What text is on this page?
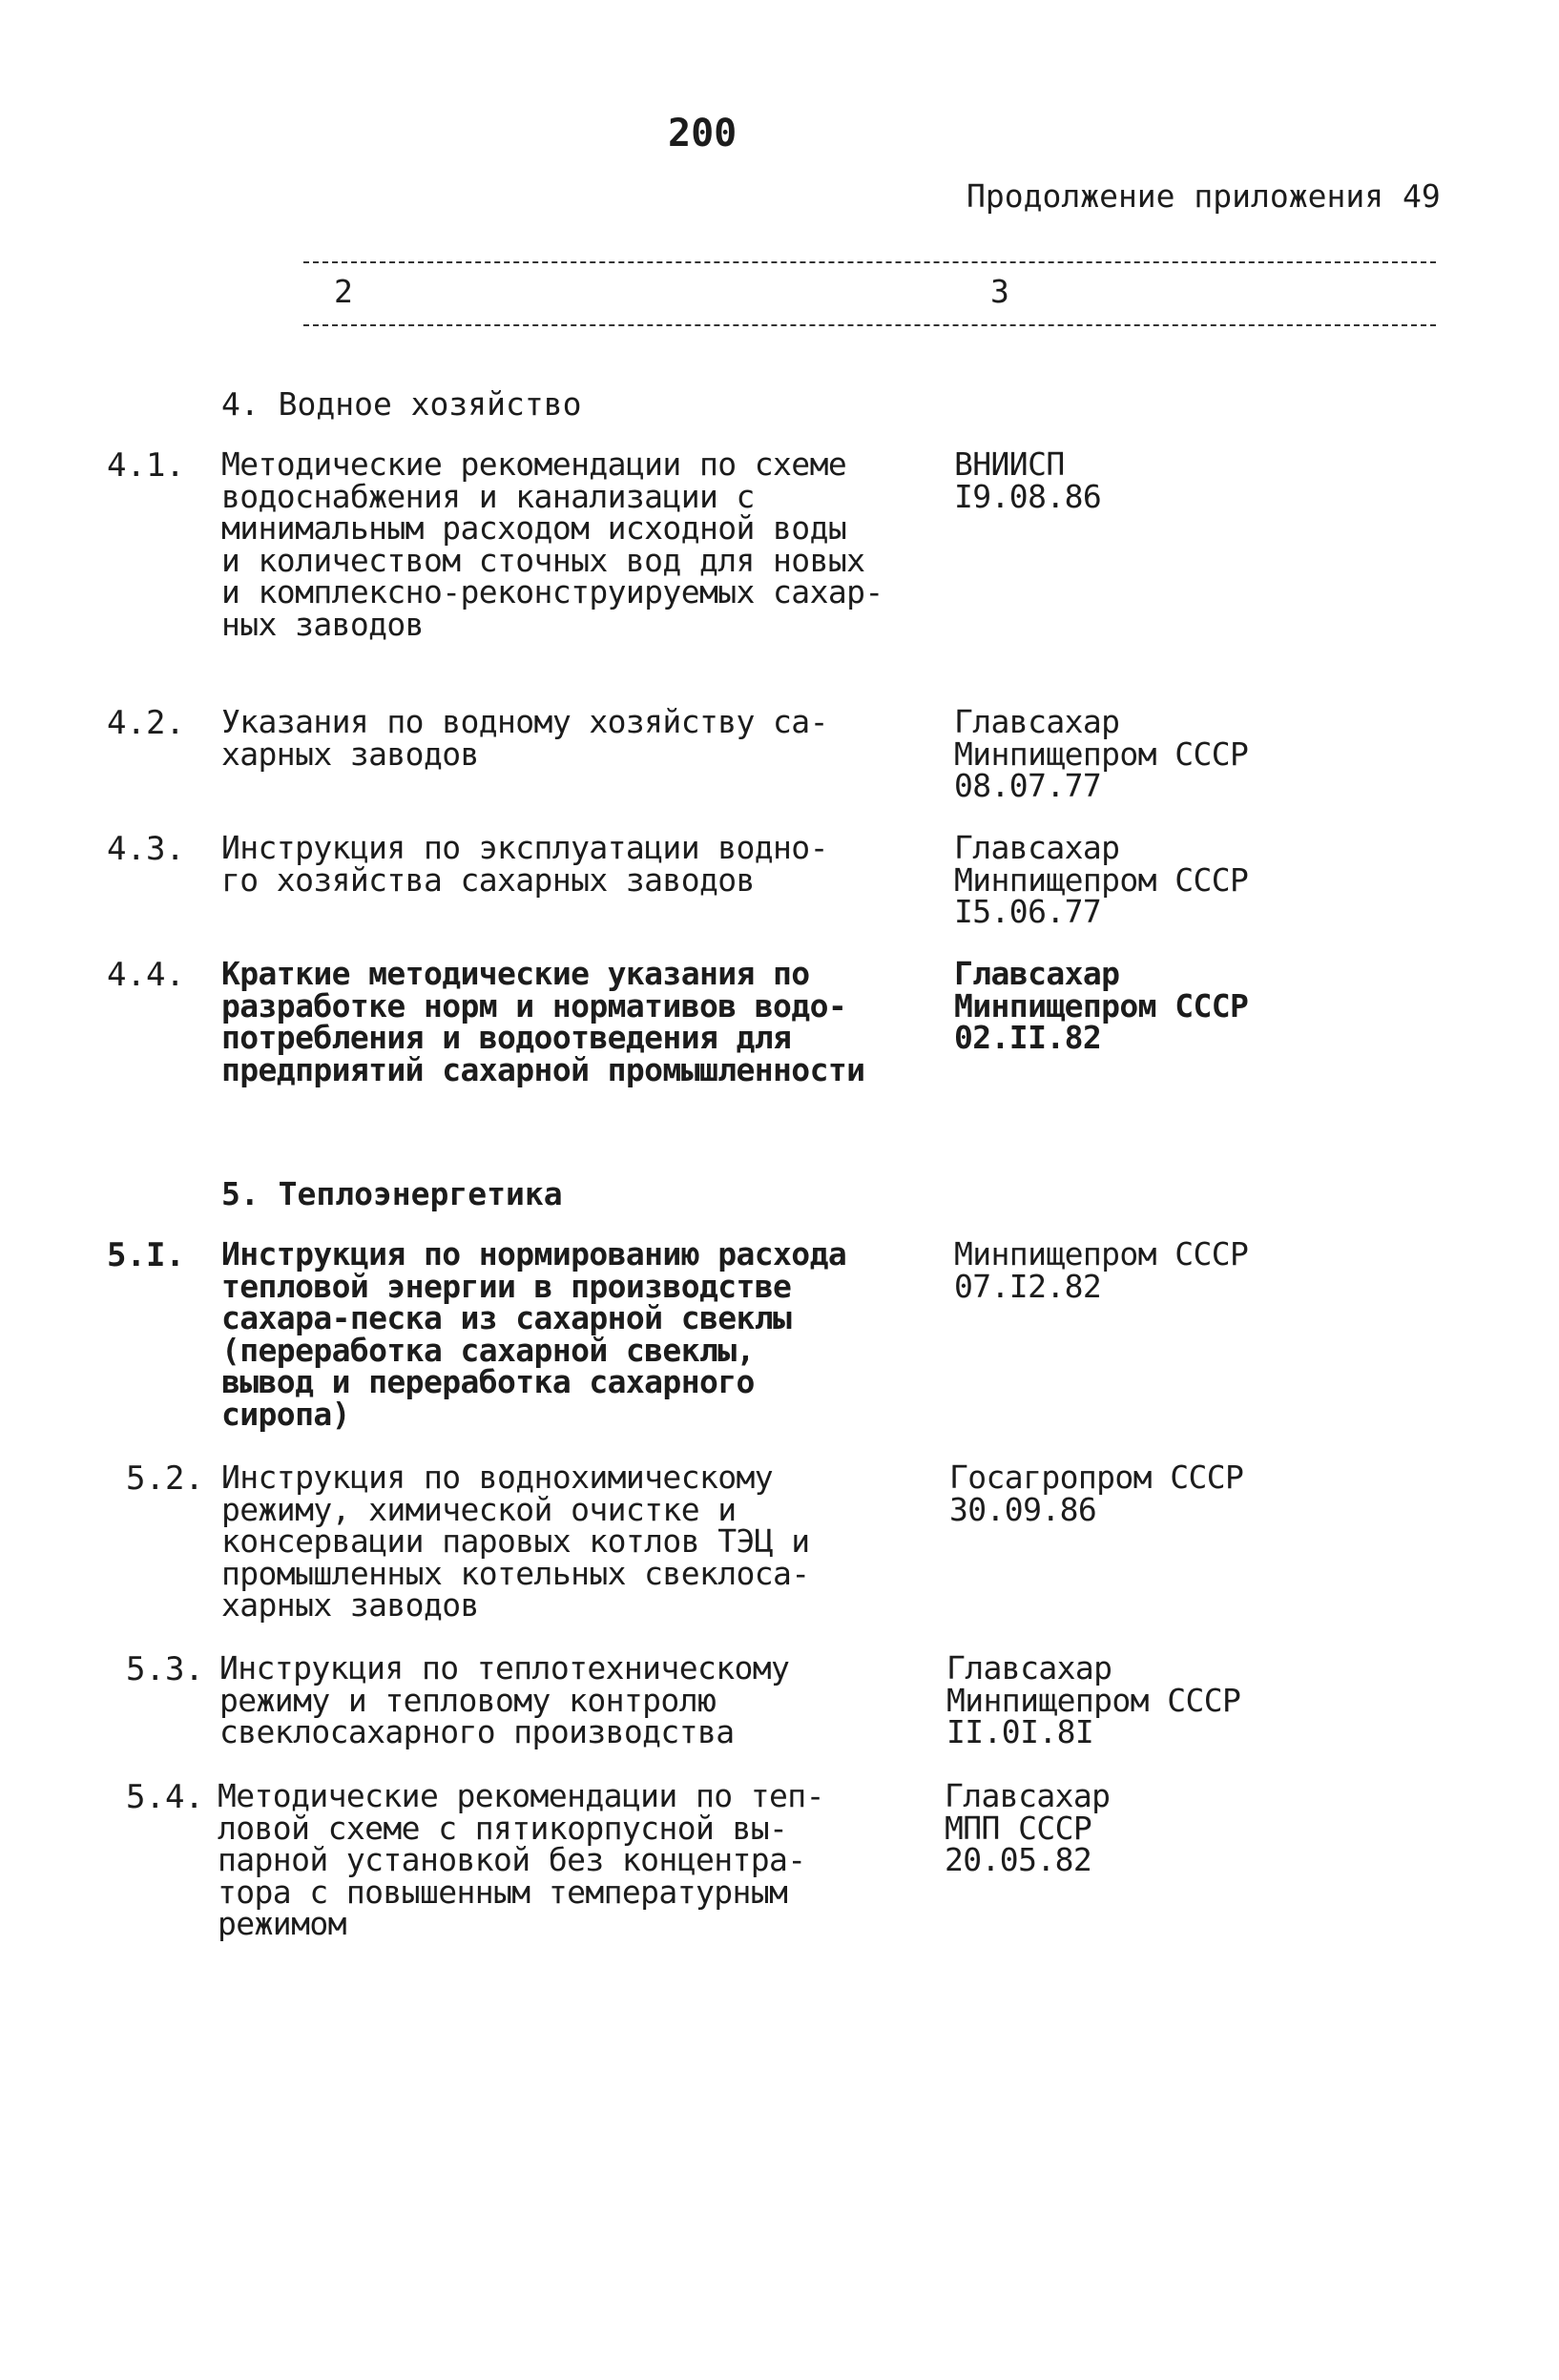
200
Продолжение приложения 49
2	3
4. Водное хозяйство
4.1. Методические рекомендации по схеме
водоснабжения и канализации с
минимальным расходом исходной воды
и количеством сточных вод для новых
и комплексно-реконструируемых сахар-
ных заводов
ВНИИСП
I9.08.86
4.2. Указания по водному хозяйству са-
харных заводов
Главсахар
Минпищепром СССР
08.07.77
4.3. Инструкция по эксплуатации водно-
го хозяйства сахарных заводов
Главсахар
Минпищепром СССР
I5.06.77
4.4. Краткие методические указания по
разработке норм и нормативов водо-
потребления и водоотведения для
предприятий сахарной промышленности
Главсахар
Минпищепром СССР
02.II.82
5. Теплоэнергетика
5.I. Инструкция по нормированию расхода
тепловой энергии в производстве
сахара-песка из сахарной свеклы
(переработка сахарной свеклы,
вывод и переработка сахарного
сиропа)
Минпищепром СССР
07.I2.82
5.2. Инструкция по воднохимическому
режиму, химической очистке и
консервации паровых котлов ТЭЦ и
промышленных котельных свеклоса-
харных заводов
Госагропром СССР
30.09.86
5.3. Инструкция по теплотехническому
режиму и тепловому контролю
свеклосахарного производства
Главсахар
Минпищепром СССР
II.0I.8I
5.4. Методические рекомендации по теп-
ловой схеме с пятикорпусной вы-
парной установкой без концентра-
тора с повышенным температурным
режимом
Главсахар
МПП СССР
20.05.82
